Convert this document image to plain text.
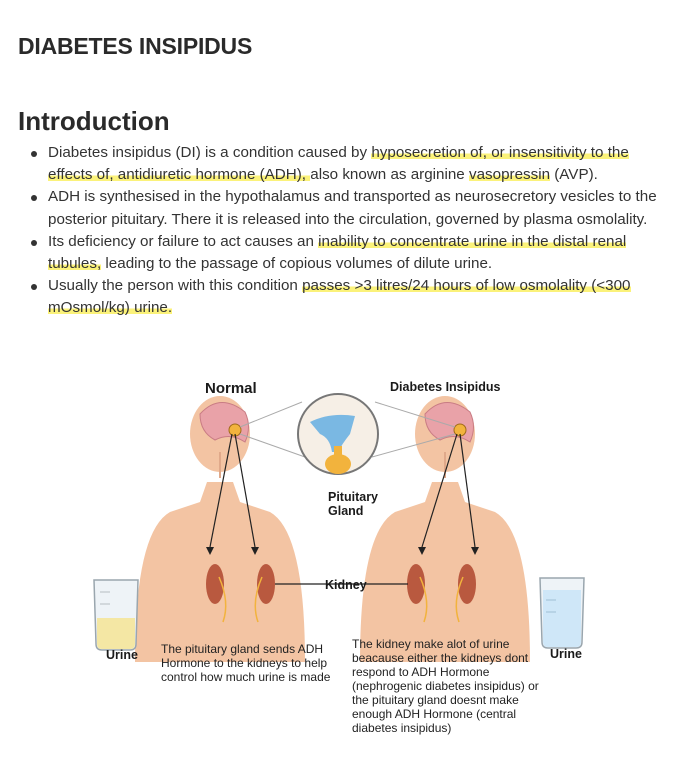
DIABETES INSIPIDUS
Introduction
Diabetes insipidus (DI) is a condition caused by hyposecretion of, or insensitivity to the effects of, antidiuretic hormone (ADH), also known as arginine vasopressin (AVP).
ADH is synthesised in the hypothalamus and transported as neurosecretory vesicles to the posterior pituitary. There it is released into the circulation, governed by plasma osmolality.
Its deficiency or failure to act causes an inability to concentrate urine in the distal renal tubules, leading to the passage of copious volumes of dilute urine.
Usually the person with this condition passes >3 litres/24 hours of low osmolality (<300 mOsmol/kg) urine.
Normal	Diabetes Insipidus
Pituitary
Gland
Kidney
Urine	Urine
The pituitary gland sends ADH Hormone to the kidneys to help control how much urine is made
The kidney make alot of urine beacause either the kidneys dont respond to ADH Hormone (nephrogenic diabetes insipidus) or the pituitary gland doesnt make enough ADH Hormone (central diabetes insipidus)
